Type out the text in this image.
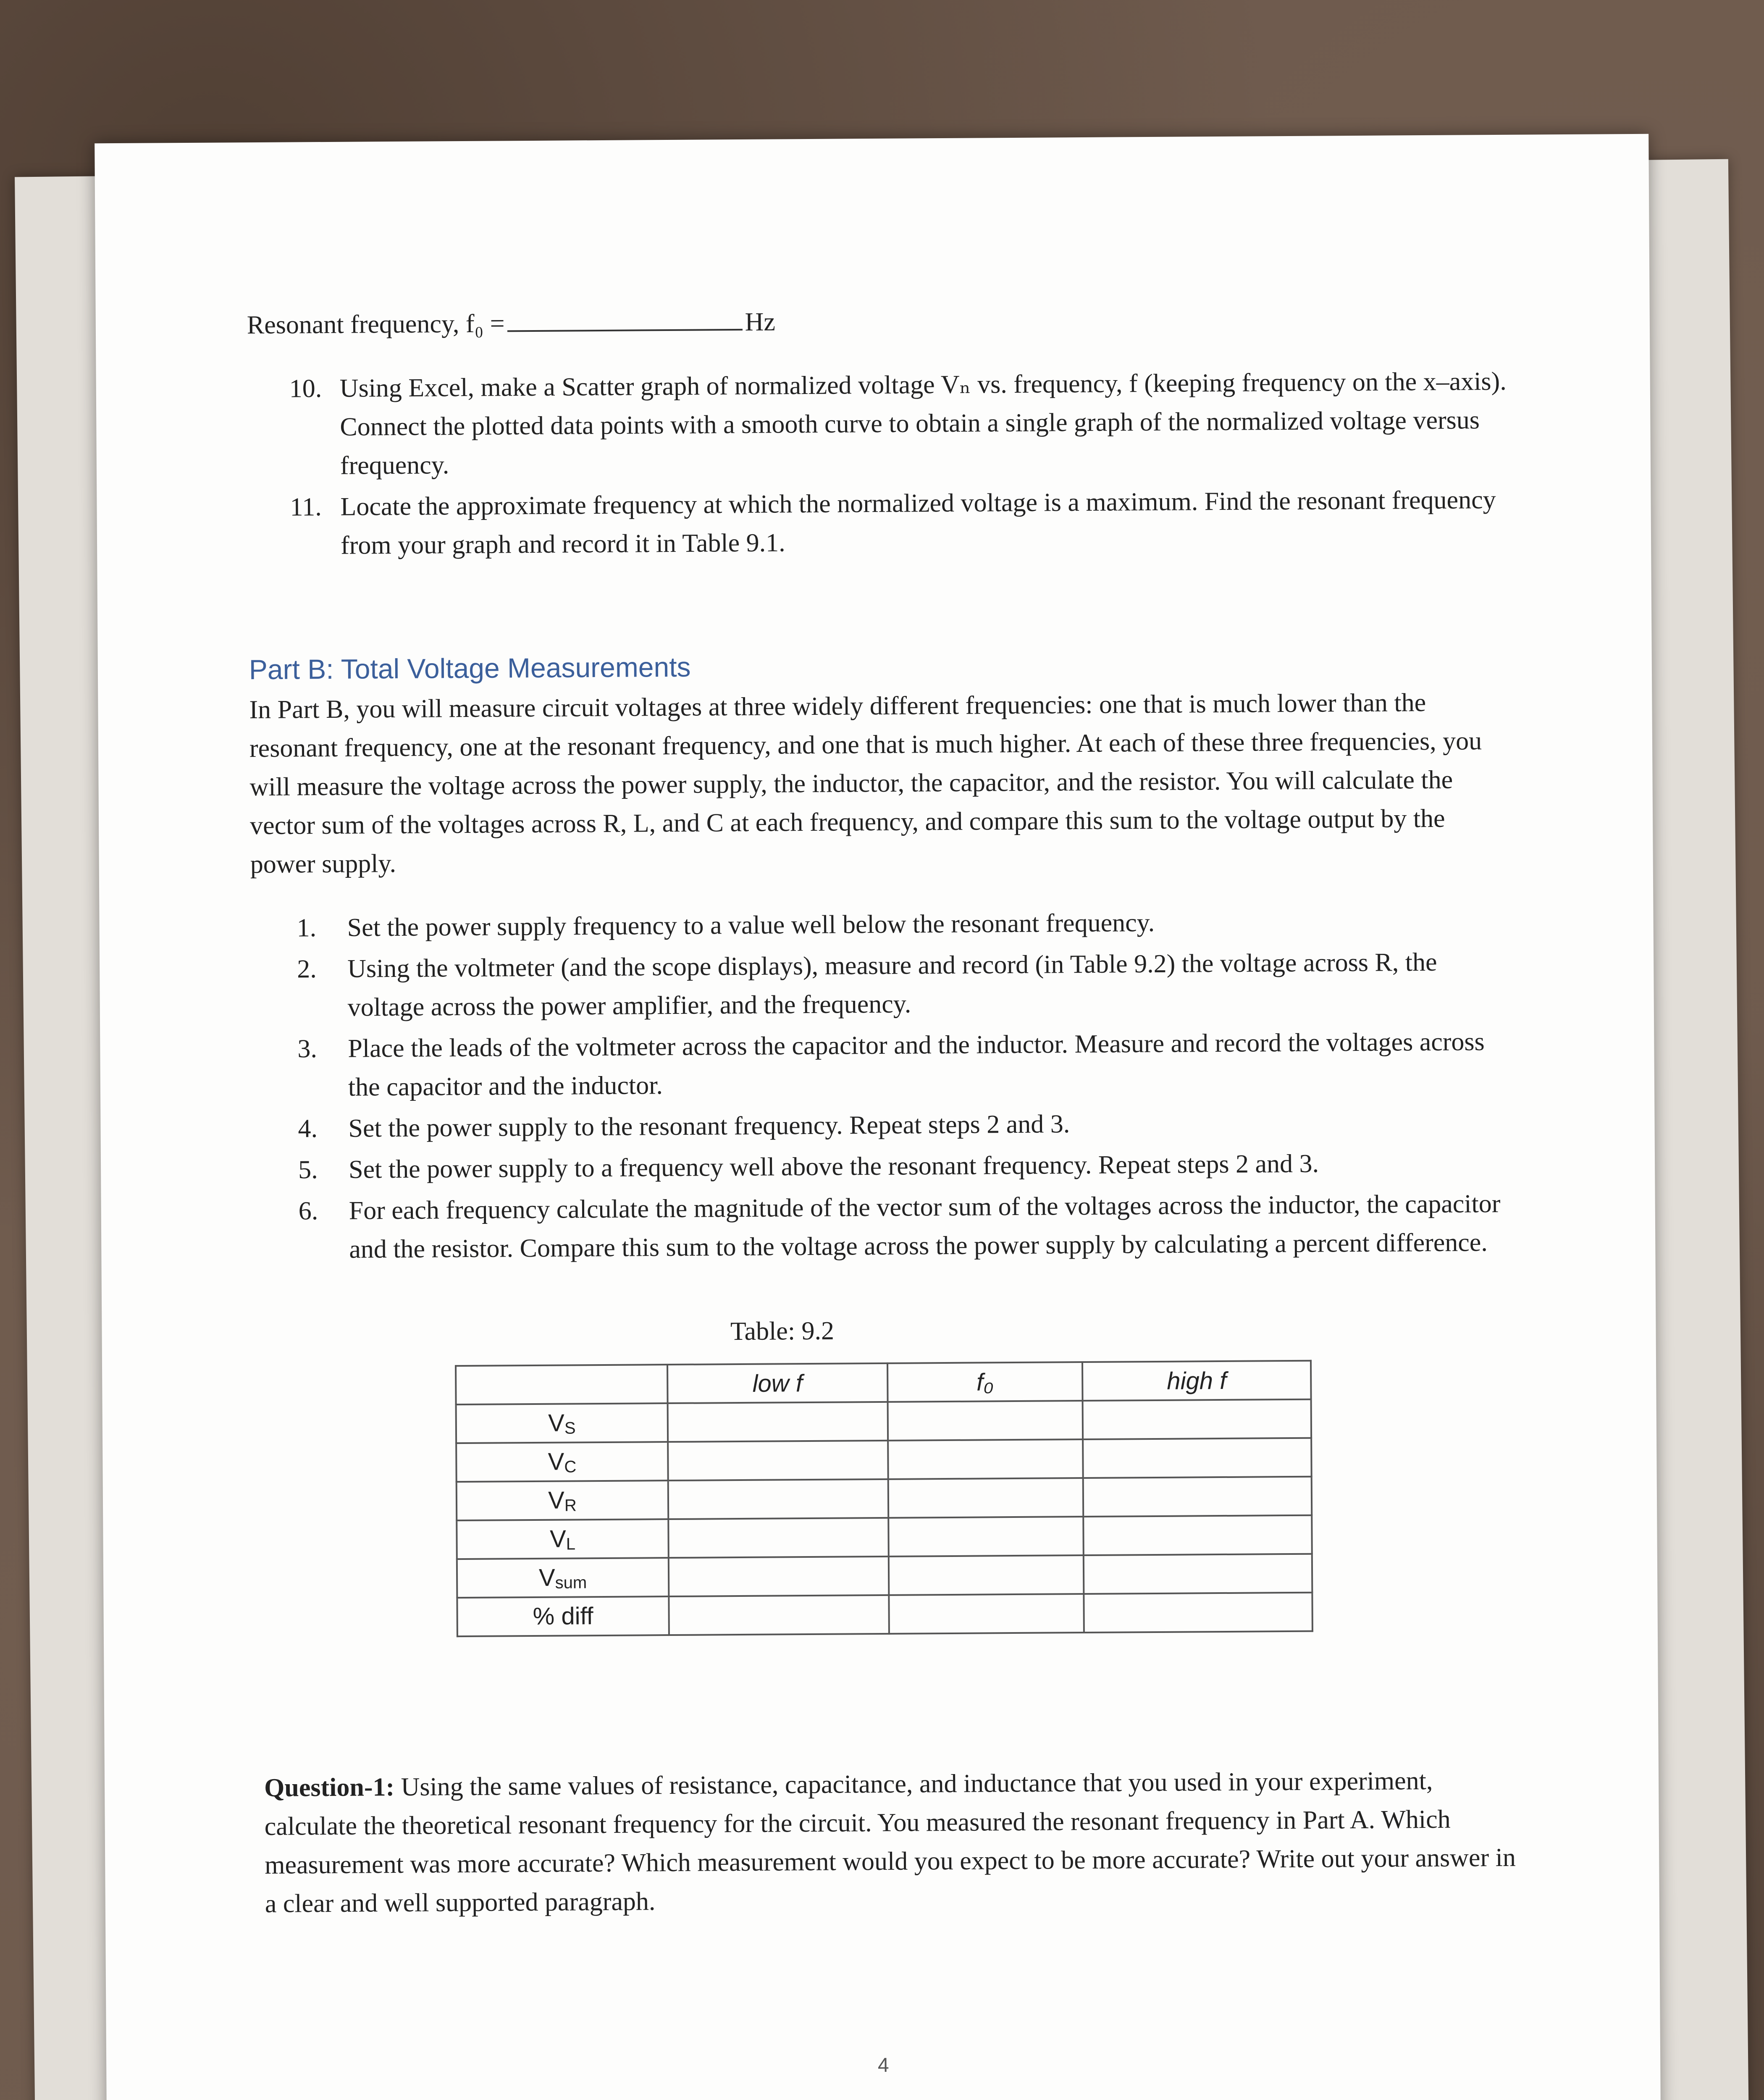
Resonant frequency, f₀ =	Hz
10. Using Excel, make a Scatter graph of normalized voltage Vₙ vs. frequency, f (keeping frequency on the x–axis). Connect the plotted data points with a smooth curve to obtain a single graph of the normalized voltage versus frequency.
11. Locate the approximate frequency at which the normalized voltage is a maximum. Find the resonant frequency from your graph and record it in Table 9.1.
Part B: Total Voltage Measurements
In Part B, you will measure circuit voltages at three widely different frequencies: one that is much lower than the resonant frequency, one at the resonant frequency, and one that is much higher. At each of these three frequencies, you will measure the voltage across the power supply, the inductor, the capacitor, and the resistor. You will calculate the vector sum of the voltages across R, L, and C at each frequency, and compare this sum to the voltage output by the power supply.
1. Set the power supply frequency to a value well below the resonant frequency.
2. Using the voltmeter (and the scope displays), measure and record (in Table 9.2) the voltage across R, the voltage across the power amplifier, and the frequency.
3. Place the leads of the voltmeter across the capacitor and the inductor. Measure and record the voltages across the capacitor and the inductor.
4. Set the power supply to the resonant frequency. Repeat steps 2 and 3.
5. Set the power supply to a frequency well above the resonant frequency. Repeat steps 2 and 3.
6. For each frequency calculate the magnitude of the vector sum of the voltages across the inductor, the capacitor and the resistor. Compare this sum to the voltage across the power supply by calculating a percent difference.
Table: 9.2
	low f	f₀	high f
VS			
VC			
VR			
VL			
Vsum			
% diff			
Question-1: Using the same values of resistance, capacitance, and inductance that you used in your experiment, calculate the theoretical resonant frequency for the circuit. You measured the resonant frequency in Part A. Which measurement was more accurate? Which measurement would you expect to be more accurate? Write out your answer in a clear and well supported paragraph.
4
